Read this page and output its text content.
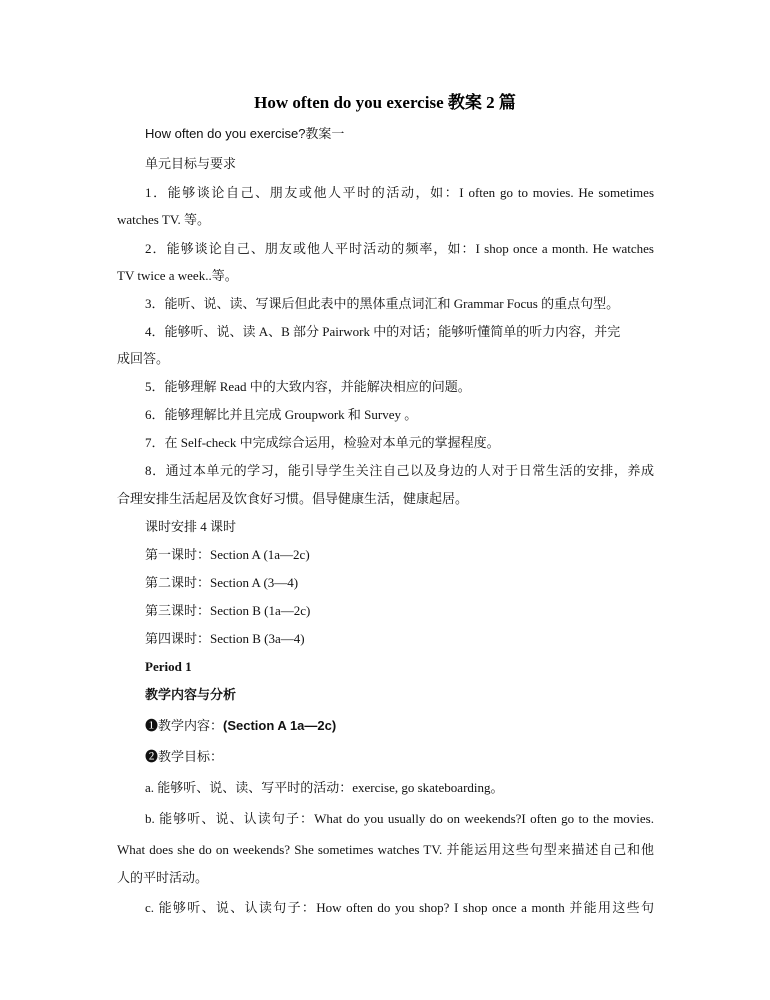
How often do you exercise 教案 2 篇
How often do you exercise?教案一
单元目标与要求
1．能够谈论自己、朋友或他人平时的活动，如：I often go to movies. He sometimes
watches TV. 等。
2．能够谈论自己、朋友或他人平时活动的频率，如：I shop once a month. He watches
TV twice a week..等。
3．能听、说、读、写课后但此表中的黑体重点词汇和 Grammar Focus 的重点句型。
4．能够听、说、读 A、B 部分 Pairwork 中的对话；能够听懂简单的听力内容，并完
成回答。
5．能够理解 Read 中的大致内容，并能解决相应的问题。
6．能够理解比并且完成 Groupwork 和 Survey 。
7．在 Self-check 中完成综合运用，检验对本单元的掌握程度。
8．通过本单元的学习，能引导学生关注自己以及身边的人对于日常生活的安排，养成
合理安排生活起居及饮食好习惯。倡导健康生活，健康起居。
课时安排 4 课时
第一课时：Section A (1a—2c)
第二课时：Section A (3—4)
第三课时：Section B (1a—2c)
第四课时：Section B (3a—4)
Period 1
教学内容与分析
❶教学内容：(Section A 1a—2c)
❷教学目标：
a. 能够听、说、读、写平时的活动：exercise, go skateboarding。
b. 能够听、说、认读句子：What do you usually do on weekends?I often go to the movies.
What does she do on weekends? She sometimes watches TV. 并能运用这些句型来描述自己和他
人的平时活动。
c. 能够听、说、认读句子：How often do you shop? I shop once a month 并能用这些句
